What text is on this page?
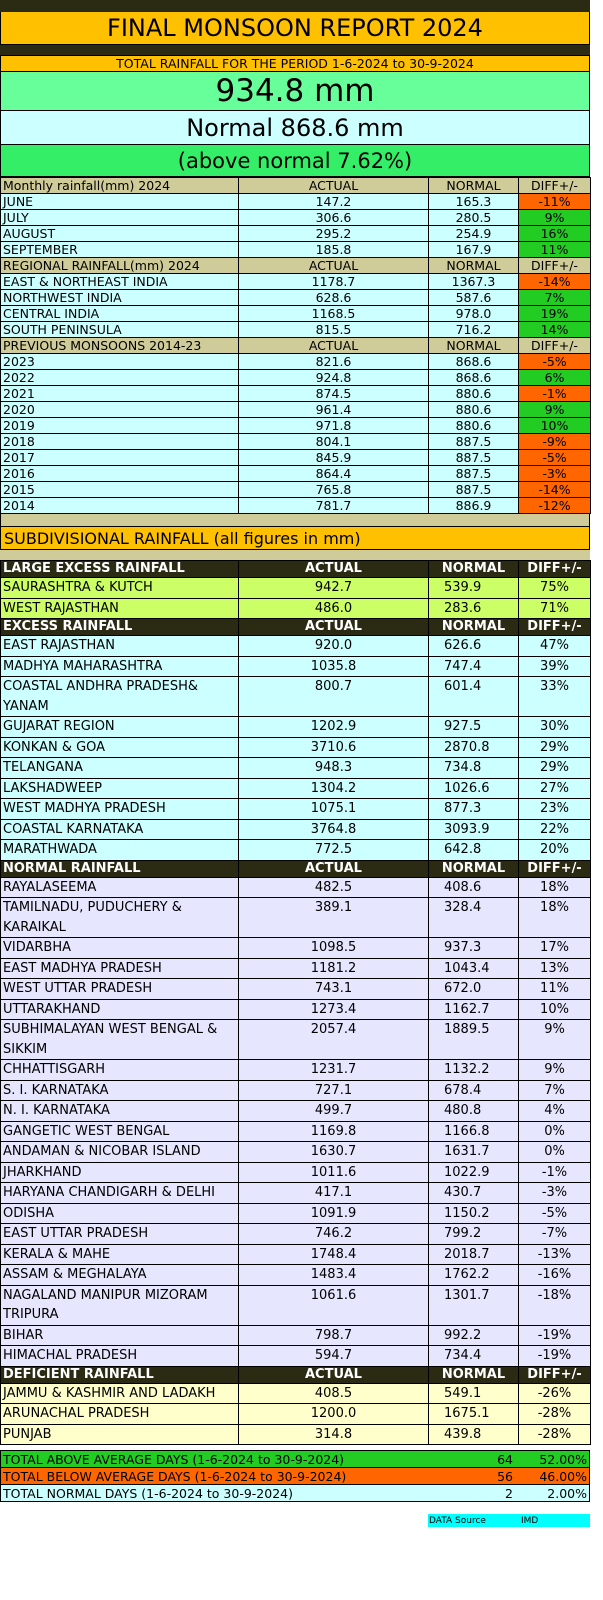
FINAL MONSOON REPORT 2024
TOTAL RAINFALL FOR THE PERIOD 1-6-2024 to 30-9-2024
934.8 mm
Normal 868.6 mm
(above normal 7.62%)
Monthly rainfall(mm) 2024	ACTUAL	NORMAL	DIFF+/-
JUNE	147.2	165.3	-11%
JULY	306.6	280.5	9%
AUGUST	295.2	254.9	16%
SEPTEMBER	185.8	167.9	11%
REGIONAL RAINFALL(mm) 2024	ACTUAL	NORMAL	DIFF+/-
EAST & NORTHEAST INDIA	1178.7	1367.3	-14%
NORTHWEST INDIA	628.6	587.6	7%
CENTRAL INDIA	1168.5	978.0	19%
SOUTH PENINSULA	815.5	716.2	14%
PREVIOUS MONSOONS 2014-23	ACTUAL	NORMAL	DIFF+/-
2023	821.6	868.6	-5%
2022	924.8	868.6	6%
2021	874.5	880.6	-1%
2020	961.4	880.6	9%
2019	971.8	880.6	10%
2018	804.1	887.5	-9%
2017	845.9	887.5	-5%
2016	864.4	887.5	-3%
2015	765.8	887.5	-14%
2014	781.7	886.9	-12%
SUBDIVISIONAL RAINFALL (all figures in mm)
LARGE EXCESS RAINFALL	ACTUAL	NORMAL	DIFF+/-
SAURASHTRA & KUTCH	942.7	539.9	75%
WEST RAJASTHAN	486.0	283.6	71%
EXCESS RAINFALL	ACTUAL	NORMAL	DIFF+/-
EAST RAJASTHAN	920.0	626.6	47%
MADHYA MAHARASHTRA	1035.8	747.4	39%
COASTAL ANDHRA PRADESH& YANAM	800.7	601.4	33%
GUJARAT REGION	1202.9	927.5	30%
KONKAN & GOA	3710.6	2870.8	29%
TELANGANA	948.3	734.8	29%
LAKSHADWEEP	1304.2	1026.6	27%
WEST MADHYA PRADESH	1075.1	877.3	23%
COASTAL KARNATAKA	3764.8	3093.9	22%
MARATHWADA	772.5	642.8	20%
NORMAL RAINFALL	ACTUAL	NORMAL	DIFF+/-
RAYALASEEMA	482.5	408.6	18%
TAMILNADU, PUDUCHERY & KARAIKAL	389.1	328.4	18%
VIDARBHA	1098.5	937.3	17%
EAST MADHYA PRADESH	1181.2	1043.4	13%
WEST UTTAR PRADESH	743.1	672.0	11%
UTTARAKHAND	1273.4	1162.7	10%
SUBHIMALAYAN WEST BENGAL & SIKKIM	2057.4	1889.5	9%
CHHATTISGARH	1231.7	1132.2	9%
S. I. KARNATAKA	727.1	678.4	7%
N. I. KARNATAKA	499.7	480.8	4%
GANGETIC WEST BENGAL	1169.8	1166.8	0%
ANDAMAN & NICOBAR ISLAND	1630.7	1631.7	0%
JHARKHAND	1011.6	1022.9	-1%
HARYANA CHANDIGARH & DELHI	417.1	430.7	-3%
ODISHA	1091.9	1150.2	-5%
EAST UTTAR PRADESH	746.2	799.2	-7%
KERALA & MAHE	1748.4	2018.7	-13%
ASSAM & MEGHALAYA	1483.4	1762.2	-16%
NAGALAND MANIPUR MIZORAM TRIPURA	1061.6	1301.7	-18%
BIHAR	798.7	992.2	-19%
HIMACHAL PRADESH	594.7	734.4	-19%
DEFICIENT RAINFALL	ACTUAL	NORMAL	DIFF+/-
JAMMU & KASHMIR AND LADAKH	408.5	549.1	-26%
ARUNACHAL PRADESH	1200.0	1675.1	-28%
PUNJAB	314.8	439.8	-28%
TOTAL ABOVE AVERAGE DAYS (1-6-2024 to 30-9-2024)	64	52.00%
TOTAL BELOW AVERAGE DAYS (1-6-2024 to 30-9-2024)	56	46.00%
TOTAL NORMAL DAYS (1-6-2024 to 30-9-2024)	2	2.00%
DATA Source	IMD
